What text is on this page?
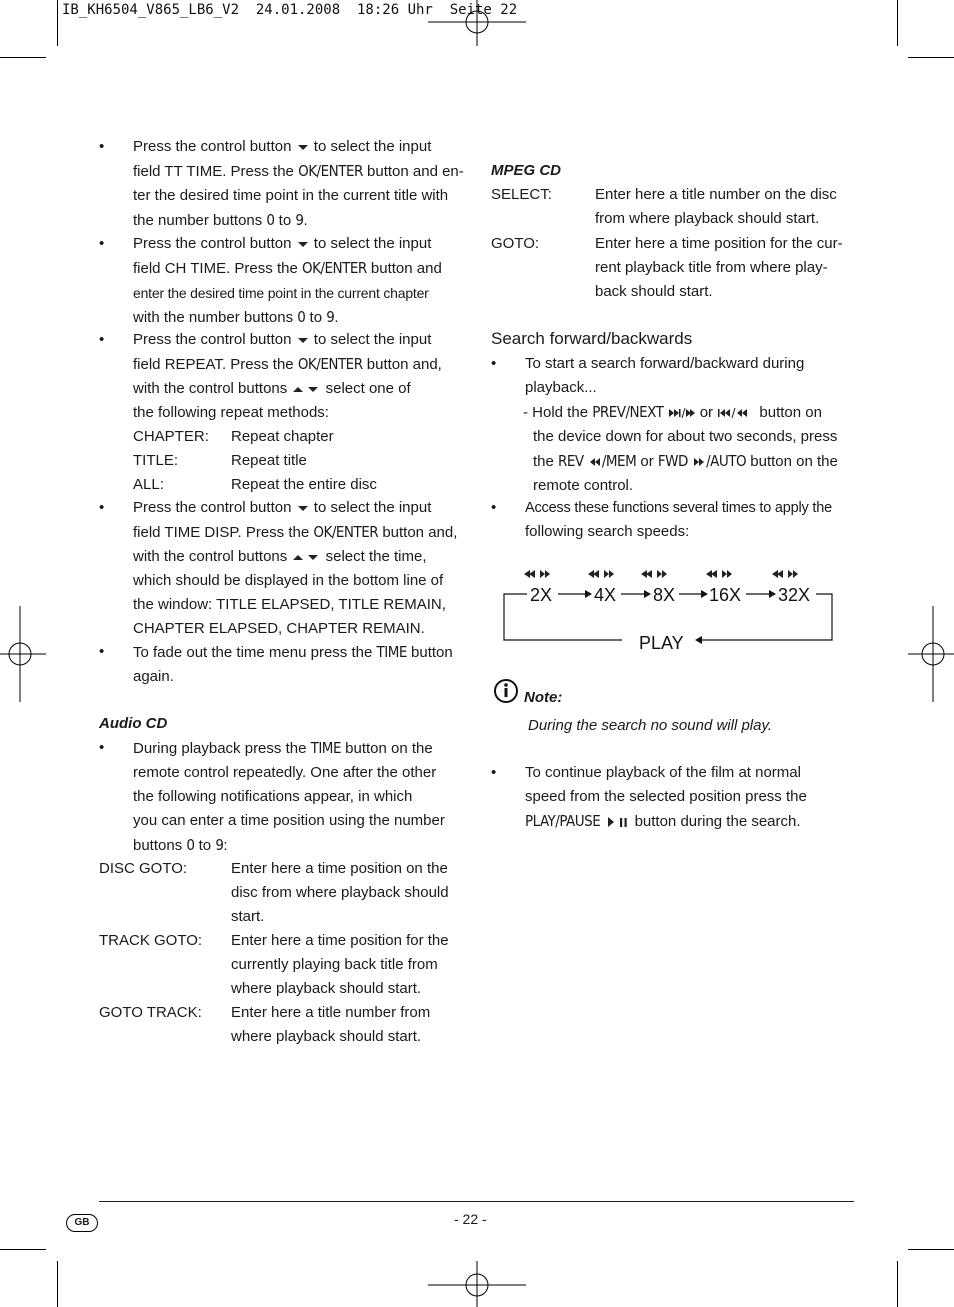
IB_KH6504_V865_LB6_V2  24.01.2008  18:26 Uhr  Seite 22
• Press the control button to select the input

field TT TIME. Press the OK/ENTER button and en-

ter the desired time point in the current title with

the number buttons 0 to 9.

• Press the control button to select the input

field CH TIME. Press the OK/ENTER button and

enter the desired time point in the current chapter

with the number buttons 0 to 9.

• Press the control button to select the input

field REPEAT. Press the OK/ENTER button and,

with the control buttons	select one of

the following repeat methods:

CHAPTER: Repeat chapter

TITLE:	Repeat title

ALL:	Repeat the entire disc

• Press the control button to select the input

field TIME DISP. Press the OK/ENTER button and,

with the control buttons	select the time,

which should be displayed in the bottom line of

the window: TITLE ELAPSED, TITLE REMAIN,

CHAPTER ELAPSED, CHAPTER REMAIN.

• To fade out the time menu press the TIME button

again.

Audio CD
• During playback press the TIME button on the

remote control repeatedly. One after the other

the following notifications appear, in which

you can enter a time position using the number

buttons 0 to 9:

DISC GOTO:	Enter here a time position on the

disc from where playback should

start.

TRACK GOTO: Enter here a time position for the

currently playing back title from

where playback should start.

GOTO TRACK: Enter here a title number from

where playback should start.

MPEG CD
SELECT:	Enter here a title number on the disc

from where playback should start.

GOTO:	Enter here a time position for the cur-

rent playback title from where play-

back should start.

Search forward/backwards
• To start a search forward/backward during

playback...

- Hold the PREV/NEXT  or	button on

the device down for about two seconds, press

the REV /MEM or FWD /AUTO button on the

remote control.

• Access these functions several times to apply the

following search speeds:

2X 4X 8X 16X 32X
PLAY
Note:
During the search no sound will play.
• To continue playback of the film at normal

speed from the selected position press the

PLAY/PAUSE  button during the search.

GB	- 22 -
